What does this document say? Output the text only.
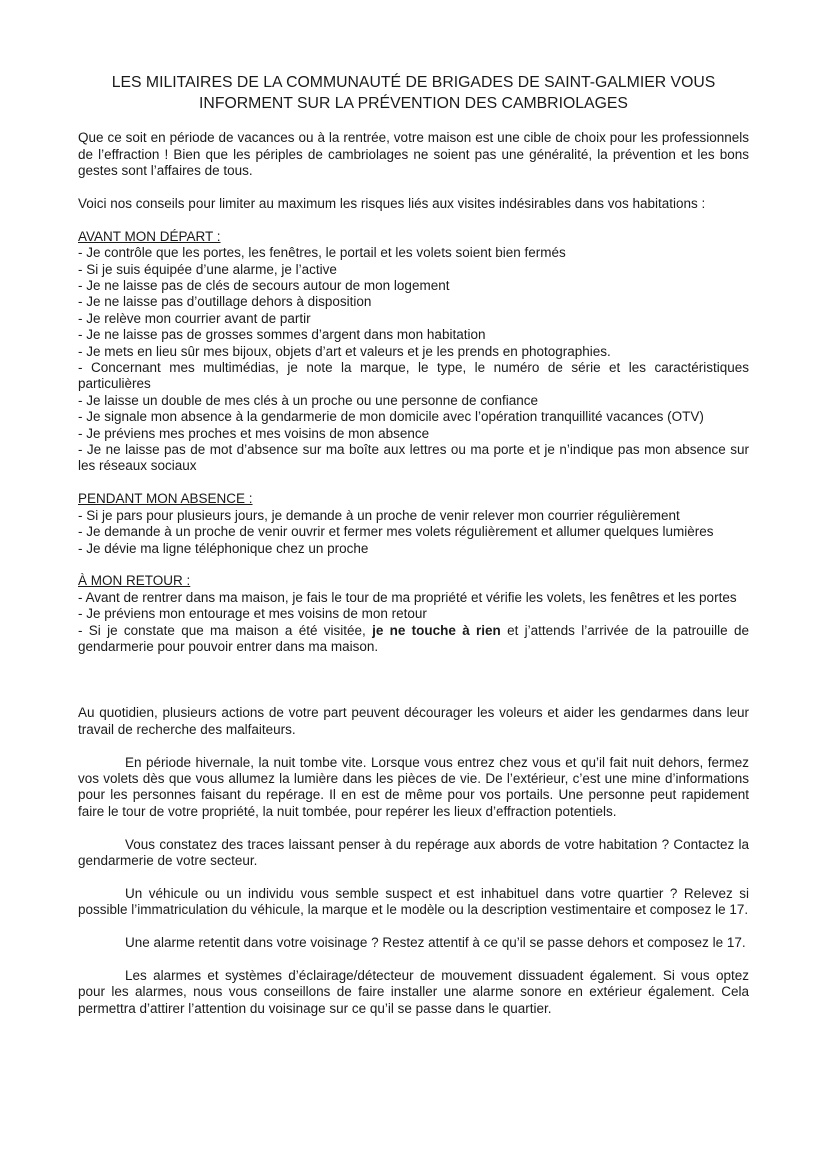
LES MILITAIRES DE LA COMMUNAUTÉ DE BRIGADES DE SAINT-GALMIER VOUS INFORMENT SUR LA PRÉVENTION DES CAMBRIOLAGES

Que ce soit en période de vacances ou à la rentrée, votre maison est une cible de choix pour les professionnels de l’effraction ! Bien que les périples de cambriolages ne soient pas une généralité, la prévention et les bons gestes sont l’affaires de tous.

Voici nos conseils pour limiter au maximum les risques liés aux visites indésirables dans vos habitations :

AVANT MON DÉPART :

- Je contrôle que les portes, les fenêtres, le portail et les volets soient bien fermés

- Si je suis équipée d’une alarme, je l’active

- Je ne laisse pas de clés de secours autour de mon logement

- Je ne laisse pas d’outillage dehors à disposition

- Je relève mon courrier avant de partir

- Je ne laisse pas de grosses sommes d’argent dans mon habitation

- Je mets en lieu sûr mes bijoux, objets d’art et valeurs et je les prends en photographies.

- Concernant mes multimédias, je note la marque, le type, le numéro de série et les caractéristiques particulières

- Je laisse un double de mes clés à un proche ou une personne de confiance

- Je signale mon absence à la gendarmerie de mon domicile avec l’opération tranquillité vacances (OTV)

- Je préviens mes proches et mes voisins de mon absence

- Je ne laisse pas de mot d’absence sur ma boîte aux lettres ou ma porte et je n’indique pas mon absence sur les réseaux sociaux

PENDANT MON ABSENCE :

- Si je pars pour plusieurs jours, je demande à un proche de venir relever mon courrier régulièrement

- Je demande à un proche de venir ouvrir et fermer mes volets régulièrement et allumer quelques lumières

- Je dévie ma ligne téléphonique chez un proche

À MON RETOUR :

- Avant de rentrer dans ma maison, je fais le tour de ma propriété et vérifie les volets, les fenêtres et les portes

- Je préviens mon entourage et mes voisins de mon retour

- Si je constate que ma maison a été visitée, je ne touche à rien et j’attends l’arrivée de la patrouille de gendarmerie pour pouvoir entrer dans ma maison.

Au quotidien, plusieurs actions de votre part peuvent décourager les voleurs et aider les gendarmes dans leur travail de recherche des malfaiteurs.

En période hivernale, la nuit tombe vite. Lorsque vous entrez chez vous et qu’il fait nuit dehors, fermez vos volets dès que vous allumez la lumière dans les pièces de vie. De l’extérieur, c’est une mine d’informations pour les personnes faisant du repérage. Il en est de même pour vos portails. Une personne peut rapidement faire le tour de votre propriété, la nuit tombée, pour repérer les lieux d’effraction potentiels.

Vous constatez des traces laissant penser à du repérage aux abords de votre habitation ? Contactez la gendarmerie de votre secteur.

Un véhicule ou un individu vous semble suspect et est inhabituel dans votre quartier ? Relevez si possible l’immatriculation du véhicule, la marque et le modèle ou la description vestimentaire et composez le 17.

Une alarme retentit dans votre voisinage ? Restez attentif à ce qu’il se passe dehors et composez le 17.

Les alarmes et systèmes d’éclairage/détecteur de mouvement dissuadent également. Si vous optez pour les alarmes, nous vous conseillons de faire installer une alarme sonore en extérieur également. Cela permettra d’attirer l’attention du voisinage sur ce qu’il se passe dans le quartier.
